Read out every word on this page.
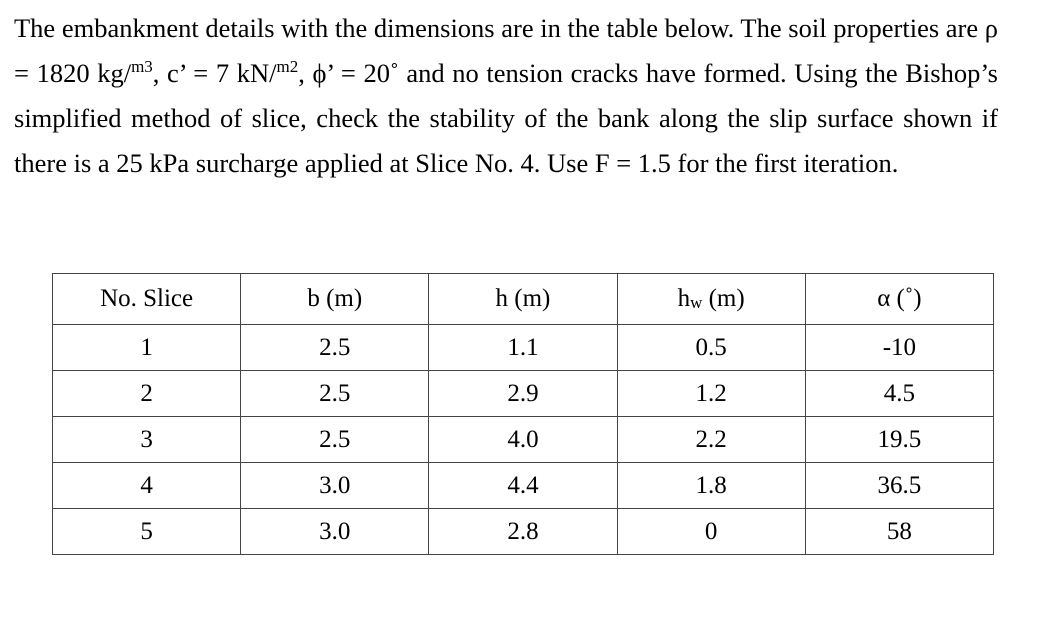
The embankment details with the dimensions are in the table below. The soil properties are ρ = 1820 kg/$^{m3}$, c’ = 7 kN/$^{m2}$, ϕ’ = 20˚ and no tension cracks have formed. Using the Bishop’s simplified method of slice, check the stability of the bank along the slip surface shown if there is a 25 kPa surcharge applied at Slice No. 4. Use F = 1.5 for the first iteration.

No. Slice	b (m)	h (m)	$h_w$ (m)	α (˚)
1	2.5	1.1	0.5	-10
2	2.5	2.9	1.2	4.5
3	2.5	4.0	2.2	19.5
4	3.0	4.4	1.8	36.5
5	3.0	2.8	0	58
